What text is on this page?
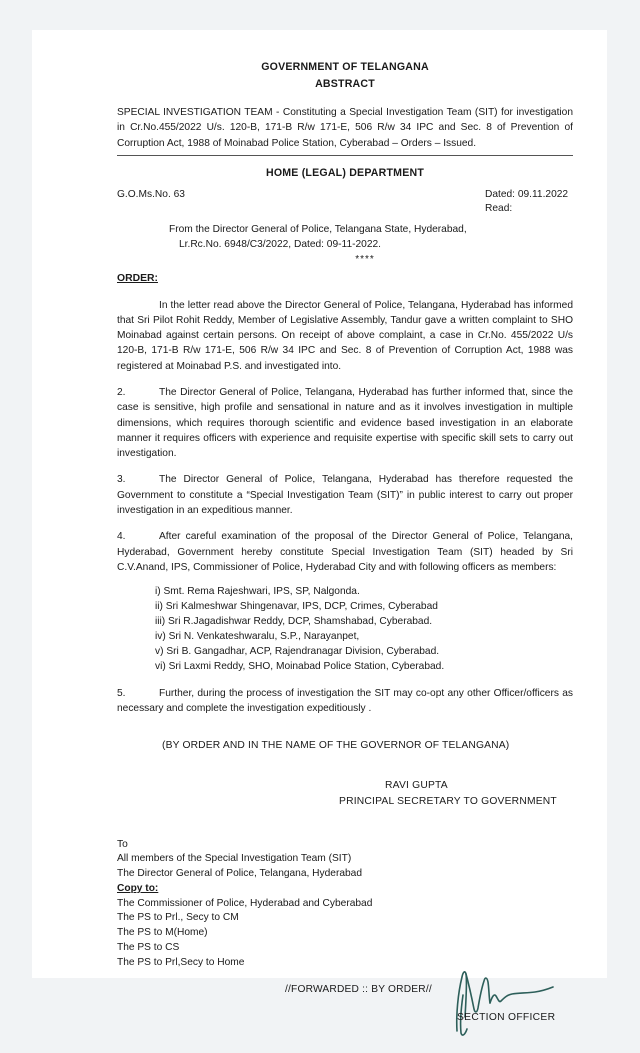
GOVERNMENT OF TELANGANA
ABSTRACT
SPECIAL INVESTIGATION TEAM - Constituting a Special Investigation Team (SIT) for investigation in Cr.No.455/2022 U/s. 120-B, 171-B R/w 171-E, 506 R/w 34 IPC and Sec. 8 of Prevention of Corruption Act, 1988 of Moinabad Police Station, Cyberabad – Orders – Issued.
HOME (LEGAL) DEPARTMENT
G.O.Ms.No. 63	Dated: 09.11.2022
Read:
From the Director General of Police, Telangana State, Hyderabad,
Lr.Rc.No. 6948/C3/2022, Dated: 09-11-2022.
****
ORDER:
In the letter read above the Director General of Police, Telangana, Hyderabad has informed that Sri Pilot Rohit Reddy, Member of Legislative Assembly, Tandur gave a written complaint to SHO Moinabad against certain persons. On receipt of above complaint, a case in Cr.No. 455/2022 U/s 120-B, 171-B R/w 171-E, 506 R/w 34 IPC and Sec. 8 of Prevention of Corruption Act, 1988 was registered at Moinabad P.S. and investigated into.
2.	The Director General of Police, Telangana, Hyderabad has further informed that, since the case is sensitive, high profile and sensational in nature and as it involves investigation in multiple dimensions, which requires thorough scientific and evidence based investigation in an elaborate manner it requires officers with experience and requisite expertise with specific skill sets to carry out investigation.
3.	The Director General of Police, Telangana, Hyderabad has therefore requested the Government to constitute a “Special Investigation Team (SIT)” in public interest to carry out proper investigation in an expeditious manner.
4.	After careful examination of the proposal of the Director General of Police, Telangana, Hyderabad, Government hereby constitute Special Investigation Team (SIT) headed by Sri C.V.Anand, IPS, Commissioner of Police, Hyderabad City and with following officers as members:
i) Smt. Rema Rajeshwari, IPS, SP, Nalgonda.
ii) Sri Kalmeshwar Shingenavar, IPS, DCP, Crimes, Cyberabad
iii) Sri R.Jagadishwar Reddy, DCP, Shamshabad, Cyberabad.
iv) Sri N. Venkateshwaralu, S.P., Narayanpet,
v) Sri B. Gangadhar, ACP, Rajendranagar Division, Cyberabad.
vi) Sri Laxmi Reddy, SHO, Moinabad Police Station, Cyberabad.
5.	Further, during the process of investigation the SIT may co-opt any other Officer/officers as necessary and complete the investigation expeditiously .
(BY ORDER AND IN THE NAME OF THE GOVERNOR OF TELANGANA)
RAVI GUPTA
PRINCIPAL SECRETARY TO GOVERNMENT
To
All members of the Special Investigation Team (SIT)
The Director General of Police, Telangana, Hyderabad
Copy to:
The Commissioner of Police, Hyderabad and Cyberabad
The PS to Prl., Secy to CM
The PS to M(Home)
The PS to CS
The PS to Prl,Secy to Home
//FORWARDED :: BY ORDER//
SECTION OFFICER
